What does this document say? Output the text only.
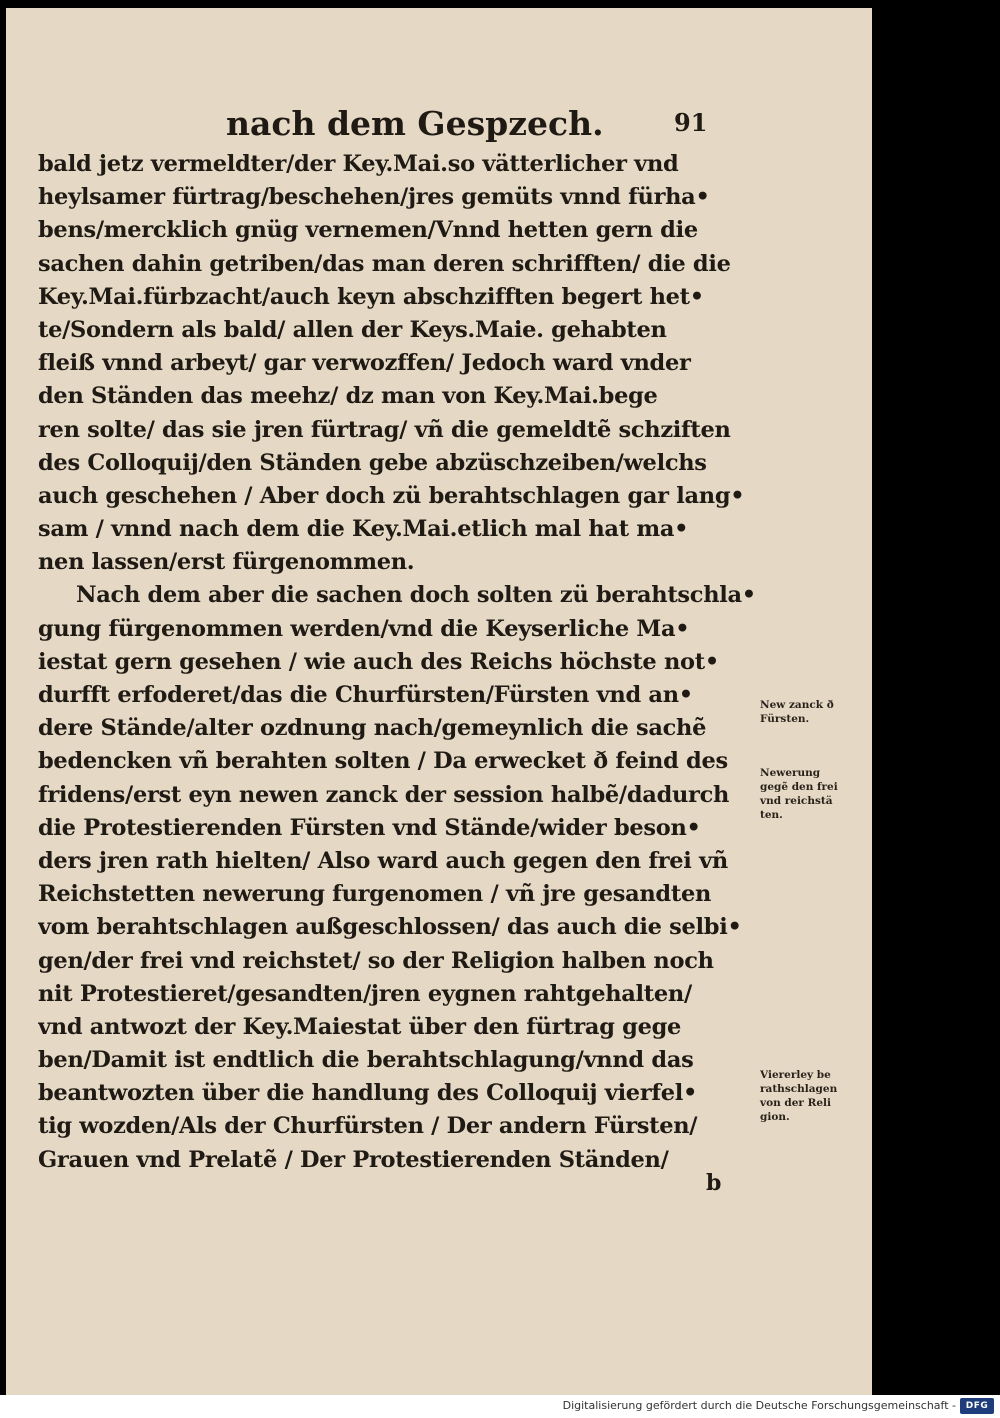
nach dem Gespzech.	91
bald jetz vermeldter/der Key.Mai.so vätterlicher vnd
heylsamer fürtrag/beschehen/jres gemüts vnnd fürha•
bens/mercklich gnüg vernemen/Vnnd hetten gern die
sachen dahin getriben/das man deren schrifften/ die die
Key.Mai.fürbzacht/auch keyn abschzifften begert het•
te/Sondern als bald/ allen der Keys.Maie. gehabten
fleiß vnnd arbeyt/ gar verwozffen/ Jedoch ward vnder
den Ständen das meehz/ dz man von Key.Mai.bege
ren solte/ das sie jren fürtrag/ vñ die gemeldtẽ schziften
des Colloquij/den Ständen gebe abzüschzeiben/welchs
auch geschehen / Aber doch zü berahtschlagen gar lang•
sam / vnnd nach dem die Key.Mai.etlich mal hat ma•
nen lassen/erst fürgenommen.
Nach dem aber die sachen doch solten zü berahtschla•
gung fürgenommen werden/vnd die Keyserliche Ma•
iestat gern gesehen / wie auch des Reichs höchste not•
durfft erfoderet/das die Churfürsten/Fürsten vnd an•
dere Stände/alter ozdnung nach/gemeynlich die sachẽ
bedencken vñ berahten solten / Da erwecket ð feind des
fridens/erst eyn newen zanck der session halbẽ/dadurch
die Protestierenden Fürsten vnd Stände/wider beson•
ders jren rath hielten/ Also ward auch gegen den frei vñ
Reichstetten newerung furgenomen / vñ jre gesandten
vom berahtschlagen außgeschlossen/ das auch die selbi•
gen/der frei vnd reichstet/ so der Religion halben noch
nit Protestieret/gesandten/jren eygnen rahtgehalten/
vnd antwozt der Key.Maiestat über den fürtrag gege
ben/Damit ist endtlich die berahtschlagung/vnnd das
beantwozten über die handlung des Colloquij vierfel•
tig wozden/Als der Churfürsten / Der andern Fürsten/
Grauen vnd Prelatẽ / Der Protestierenden Ständen/
New zanck ð
Fürsten.
Newerung
gegẽ den frei
vnd reichstä
ten.
Viererley be
rathschlagen
von der Reli
gion.
b
Digitalisierung gefördert durch die Deutsche Forschungsgemeinschaft -	DFG
